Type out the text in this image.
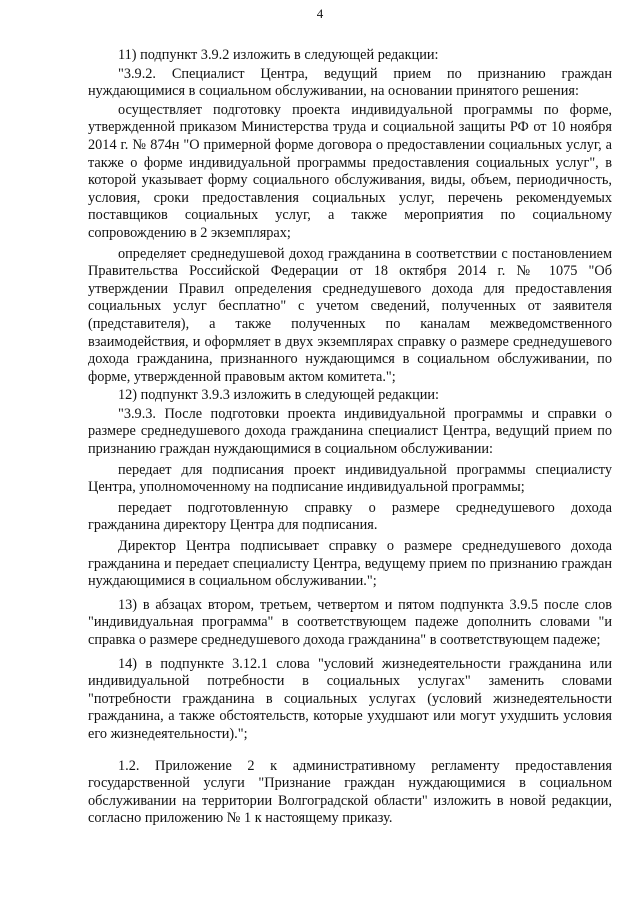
4

11) подпункт 3.9.2 изложить в следующей редакции:

"3.9.2. Специалист Центра, ведущий прием по признанию граждан нуждающимися в социальном обслуживании, на основании принятого решения:

осуществляет подготовку проекта индивидуальной программы по форме, утвержденной приказом Министерства труда и социальной защиты РФ от 10 ноября 2014 г. № 874н "О примерной форме договора о предоставлении социальных услуг, а также о форме индивидуальной программы предоставления социальных услуг", в которой указывает форму социального обслуживания, виды, объем, периодичность, условия, сроки предоставления социальных услуг, перечень рекомендуемых поставщиков социальных услуг, а также мероприятия по социальному сопровождению в 2 экземплярах;

определяет среднедушевой доход гражданина в соответствии с постановлением Правительства Российской Федерации от 18 октября 2014 г. № 1075 "Об утверждении Правил определения среднедушевого дохода для предоставления социальных услуг бесплатно" с учетом сведений, полученных от заявителя (представителя), а также полученных по каналам межведомственного взаимодействия, и оформляет в двух экземплярах справку о размере среднедушевого дохода гражданина, признанного нуждающимся в социальном обслуживании, по форме, утвержденной правовым актом комитета.";

12) подпункт 3.9.3 изложить в следующей редакции:

"3.9.3. После подготовки проекта индивидуальной программы и справки о размере среднедушевого дохода гражданина специалист Центра, ведущий прием по признанию граждан нуждающимися в социальном обслуживании:

передает для подписания проект индивидуальной программы специалисту Центра, уполномоченному на подписание индивидуальной программы;

передает подготовленную справку о размере среднедушевого дохода гражданина директору Центра для подписания.

Директор Центра подписывает справку о размере среднедушевого дохода гражданина и передает специалисту Центра, ведущему прием по признанию граждан нуждающимися в социальном обслуживании.";

13) в абзацах втором, третьем, четвертом и пятом подпункта 3.9.5 после слов "индивидуальная программа" в соответствующем падеже дополнить словами "и справка о размере среднедушевого дохода гражданина" в соответствующем падеже;

14) в подпункте 3.12.1 слова "условий жизнедеятельности гражданина или индивидуальной потребности в социальных услугах" заменить словами "потребности гражданина в социальных услугах (условий жизнедеятельности гражданина, а также обстоятельств, которые ухудшают или могут ухудшить условия его жизнедеятельности).";

1.2. Приложение 2 к административному регламенту предоставления государственной услуги "Признание граждан нуждающимися в социальном обслуживании на территории Волгоградской области" изложить в новой редакции, согласно приложению № 1 к настоящему приказу.
